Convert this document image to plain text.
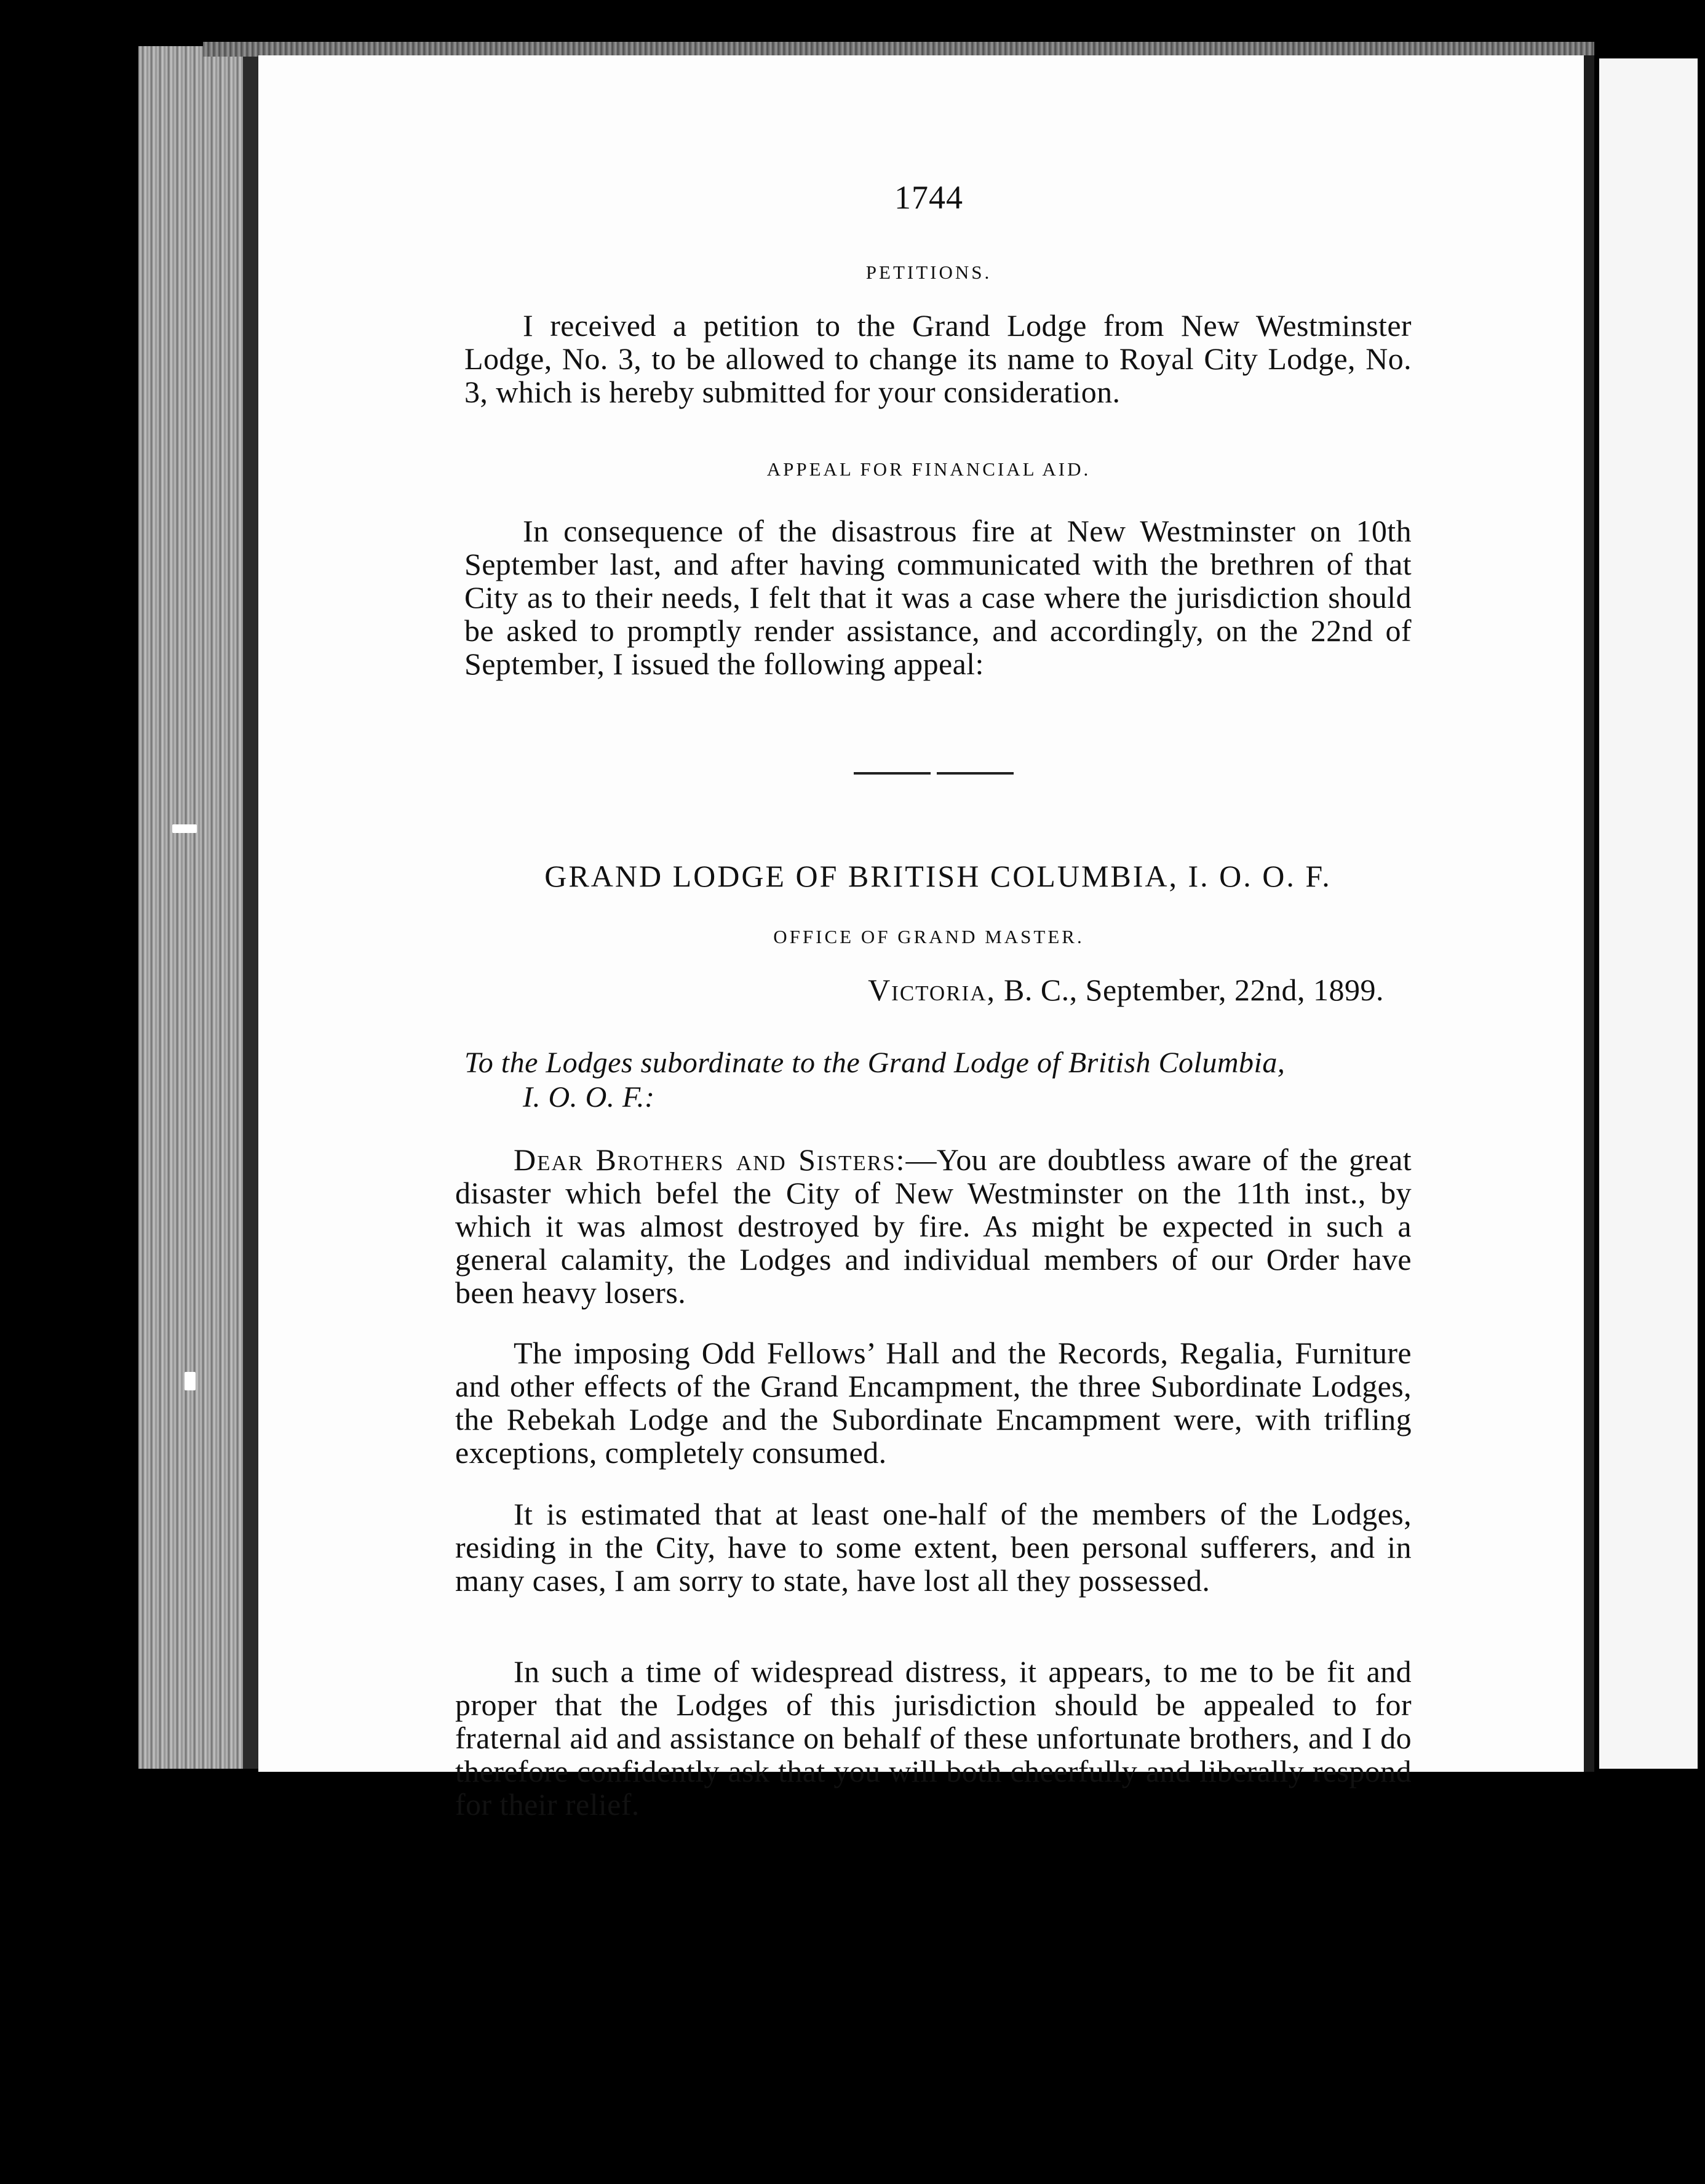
1744
PETITIONS.
I received a petition to the Grand Lodge from New Westminster Lodge, No. 3, to be allowed to change its name to Royal City Lodge, No. 3, which is hereby submitted for your consideration.
APPEAL FOR FINANCIAL AID.
In consequence of the disastrous fire at New Westminster on 10th September last, and after having communicated with the brethren of that City as to their needs, I felt that it was a case where the jurisdiction should be asked to promptly render assistance, and accordingly, on the 22nd of September, I issued the following appeal:
GRAND LODGE OF BRITISH COLUMBIA, I. O. O. F.
OFFICE OF GRAND MASTER.
Victoria, B. C., September, 22nd, 1899.
To the Lodges subordinate to the Grand Lodge of British Columbia,
I. O. O. F.:
Dear Brothers and Sisters:—You are doubtless aware of the great disaster which befel the City of New Westminster on the 11th inst., by which it was almost destroyed by fire. As might be expected in such a general calamity, the Lodges and individual members of our Order have been heavy losers.
The imposing Odd Fellows’ Hall and the Records, Regalia, Furniture and other effects of the Grand Encampment, the three Subordinate Lodges, the Rebekah Lodge and the Subordinate Encampment were, with trifling exceptions, completely consumed.
It is estimated that at least one-half of the members of the Lodges, residing in the City, have to some extent, been personal sufferers, and in many cases, I am sorry to state, have lost all they possessed.
In such a time of widespread distress, it appears, to me to be fit and proper that the Lodges of this jurisdiction should be appealed to for fraternal aid and assistance on behalf of these unfortunate brothers, and I do therefore confidently ask that you will both cheerfully and liberally respond for their relief.
